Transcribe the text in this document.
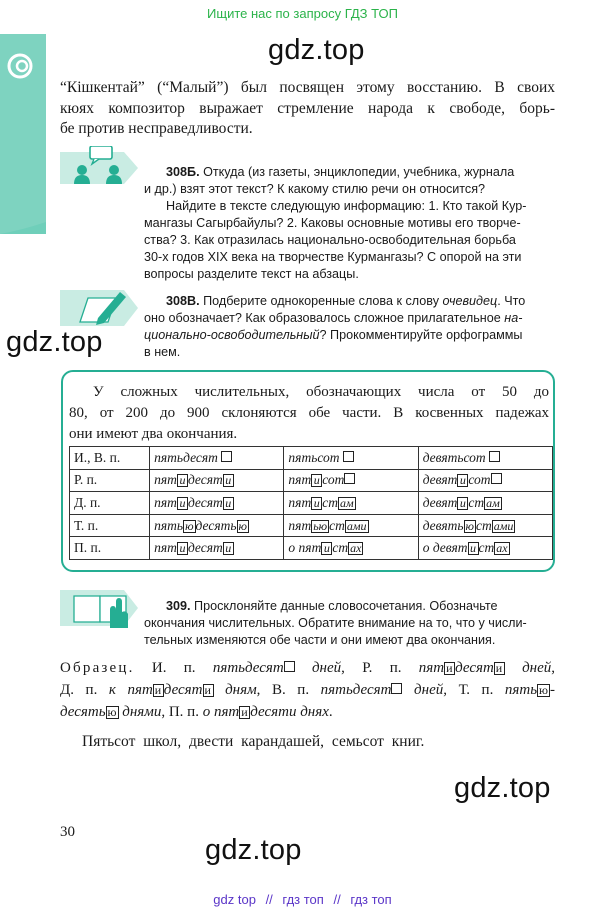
Ищите нас по запросу ГДЗ ТОП
gdz.top
gdz.top
gdz.top
gdz.top
“Кішкентай” (“Малый”) был посвящен этому восстанию. В своих
кюях композитор выражает стремление народа к свободе, борь-
бе против несправедливости.
308Б. Откуда (из газеты, энциклопедии, учебника, журнала
и др.) взят этот текст? К какому стилю речи он относится?
Найдите в тексте следующую информацию: 1. Кто такой Кур-
мангазы Сагырбайулы? 2. Каковы основные мотивы его творче-
ства? 3. Как отразилась национально-освободительная борьба
30-х годов XIX века на творчестве Курмангазы? С опорой на эти
вопросы разделите текст на абзацы.
308В. Подберите однокоренные слова к слову очевидец. Что
оно обозначает? Как образовалось сложное прилагательное на-
ционально-освободительный? Прокомментируйте орфограммы
в нем.
У сложных числительных, обозначающих числа от 50 до
80, от 200 до 900 склоняются обе части. В косвенных падежах
они имеют два окончания.
И., В. п.	пятьдесят	пятьсот	девятьсот
Р. п.	пят и десят и	пят и сот	девят и сот
Д. п.	пят и десят и	пят и ст ам	девят и ст ам
Т. п.	пять ю десять ю	пят ью ст ами	девять ю ст ами
П. п.	пят и десят и	о пят и ст ах	о девят и ст ах
309. Просклоняйте данные словосочетания. Обозначьте
окончания числительных. Обратите внимание на то, что у числи-
тельных изменяются обе части и они имеют два окончания.
Образец. И. п. пятьдесят дней, Р. п. пят и десят и дней,
Д. п. к пят и десят и дням, В. п. пятьдесят дней, Т. п. пять ю -
десять ю днями, П. п. о пят и десяти днях.
Пятьсот школ, двести карандашей, семьсот книг.
30
gdz top // гдз топ // гдз топ
